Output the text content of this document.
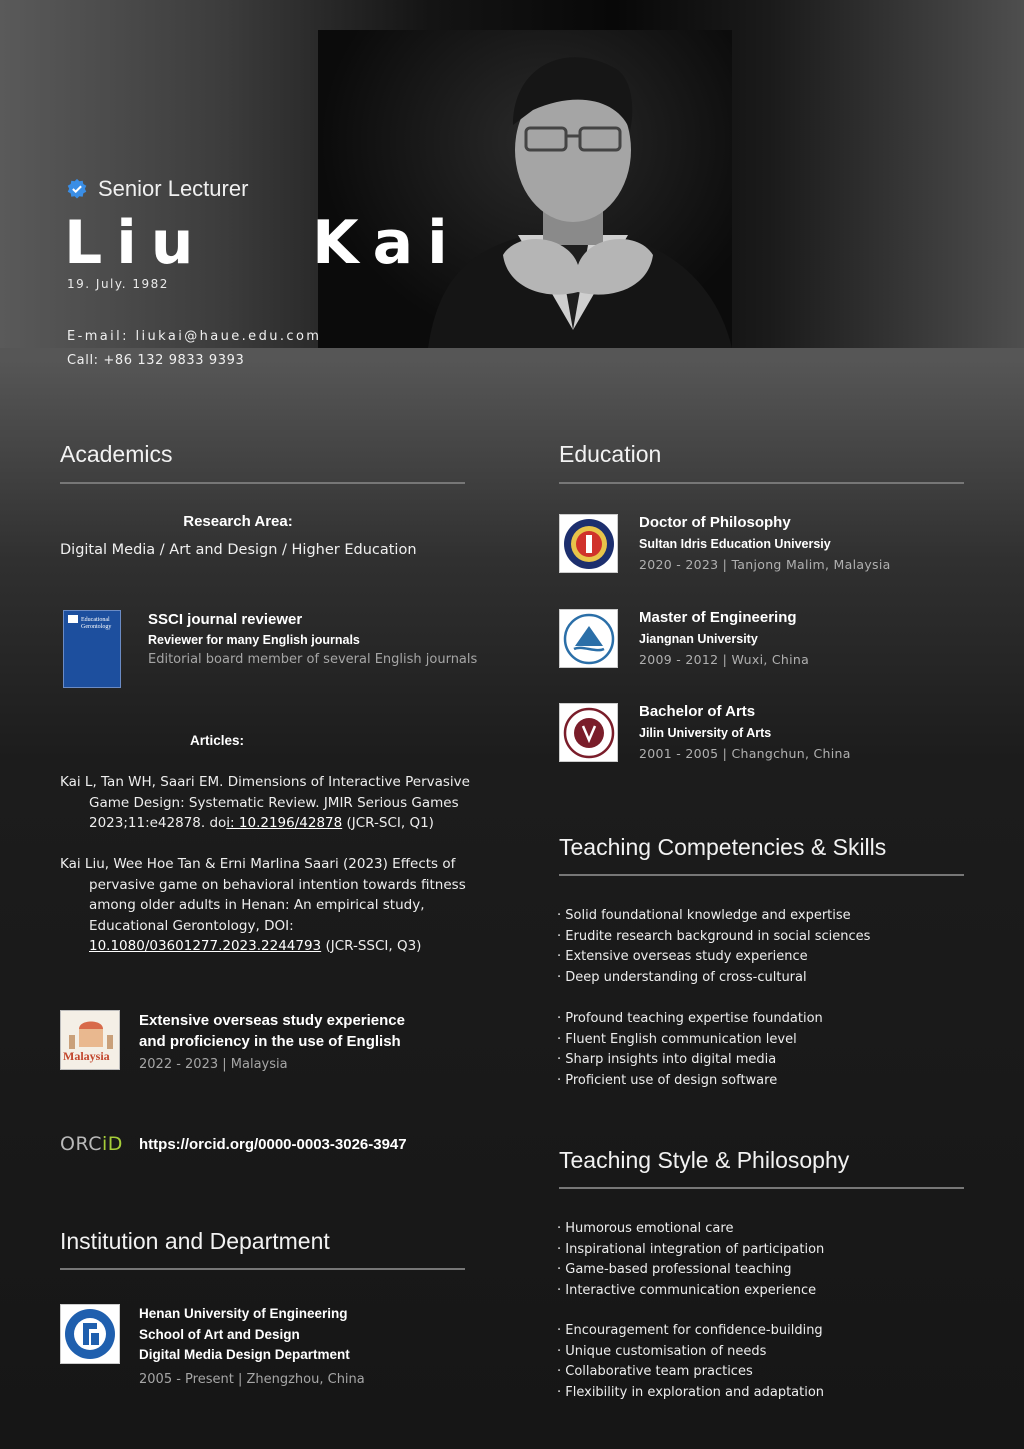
Senior Lecturer
Liu   Kai
19. July. 1982
E-mail: liukai@haue.edu.com
Call: +86 132 9833 9393
Academics
Research Area:
Digital Media / Art and Design / Higher Education
Educational Gerontology	SSCI journal reviewer
Reviewer for many English journals
Editorial board member of several English journals
Articles:
Kai L, Tan WH, Saari EM. Dimensions of Interactive Pervasive Game Design: Systematic Review. JMIR Serious Games 2023;11:e42878. doi: 10.2196/42878 (JCR-SCI, Q1)
Kai Liu, Wee Hoe Tan & Erni Marlina Saari (2023) Effects of pervasive game on behavioral intention towards fitness among older adults in Henan: An empirical study, Educational Gerontology, DOI: 10.1080/03601277.2023.2244793 (JCR-SSCI, Q3)
Malaysia
Extensive overseas study experience
and proficiency in the use of English
2022 - 2023 | Malaysia
ORCiD https://orcid.org/0000-0003-3026-3947
Institution and Department
Henan University of Engineering
School of Art and Design
Digital Media Design Department
2005 - Present | Zhengzhou, China
Education
Doctor of Philosophy
Sultan Idris Education Universiy
2020 - 2023 | Tanjong Malim, Malaysia
Master of Engineering
Jiangnan University
2009 - 2012 | Wuxi, China
Bachelor of Arts
Jilin University of Arts
2001 - 2005 | Changchun, China
Teaching Competencies & Skills
· Solid foundational knowledge and expertise
· Erudite research background in social sciences
· Extensive overseas study experience
· Deep understanding of cross-cultural
· Profound teaching expertise foundation
· Fluent English communication level
· Sharp insights into digital media
· Proficient use of design software
Teaching Style & Philosophy
· Humorous emotional care
· Inspirational integration of participation
· Game-based professional teaching
· Interactive communication experience
· Encouragement for confidence-building
· Unique customisation of needs
· Collaborative team practices
· Flexibility in exploration and adaptation
